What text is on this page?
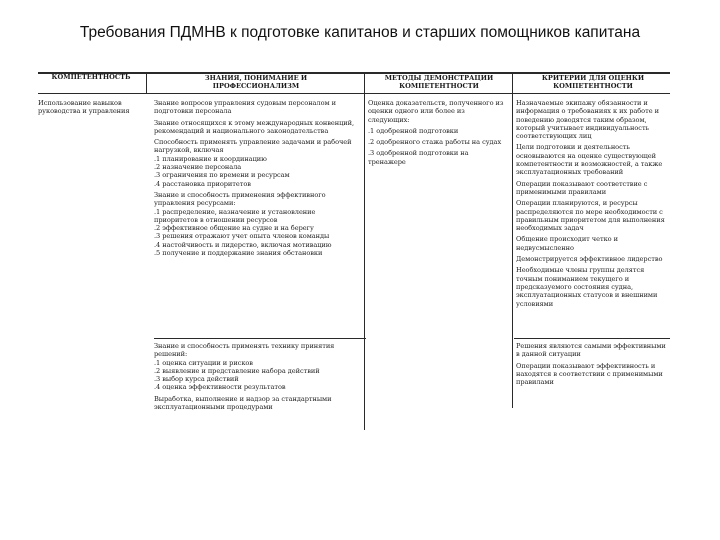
Требования ПДМНВ к подготовке капитанов и старших помощников капитана
КОМПЕТЕНТНОСТЬ	ЗНАНИЯ, ПОНИМАНИЕ И ПРОФЕССИОНАЛИЗМ
МЕТОДЫ ДЕМОНСТРАЦИИ КОМПЕТЕНТНОСТИ
КРИТЕРИИ ДЛЯ ОЦЕНКИ КОМПЕТЕНТНОСТИ
Использование навыков руководства и управления
Знание вопросов управления судовым персоналом и подготовки персонала
Знание относящихся к этому международных конвенций, рекомендаций и национального законодательства
Способность применять управление задачами и рабочей нагрузкой, включая
.1 планирование и координацию
.2 назначение персонала
.3 ограничения по времени и ресурсам
.4 расстановка приоритетов
Знание и способность применения эффективного управления ресурсами:
.1 распределение, назначение и установление приоритетов в отношении ресурсов
.2 эффективное общение на судне и на берегу
.3 решения отражают учет опыта членов команды
.4 настойчивость и лидерство, включая мотивацию
.5 получение и поддержание знания обстановки
Оценка доказательств, полученного из оценки одного или более из следующих:
.1 одобренной подготовки
.2 одобренного стажа работы на судах
.3 одобренной подготовки на тренажере
Назначаемые экипажу обязанности и информация о требованиях к их работе и поведению доводятся таким образом, который учитывает индивидуальность соответствующих лиц
Цели подготовки и деятельность основываются на оценке существующей компетентности и возможностей, а также эксплуатационных требований
Операции показывают соответствие с применимыми правилами
Операции планируются, и ресурсы распределяются по мере необходимости с правильным приоритетом для выполнения необходимых задач
Общение происходит четко и недвусмысленно
Демонстрируется эффективное лидерство
Необходимые члены группы делятся точным пониманием текущего и предсказуемого состояния судна, эксплуатационных статусов и внешними условиями
Знание и способность применять технику принятия решений:
.1 оценка ситуации и рисков
.2 выявление и представление набора действий
.3 выбор курса действий
.4 оценка эффективности результатов
Выработка, выполнение и надзор за стандартными эксплуатационными процедурами
Решения являются самыми эффективными в данной ситуации
Операции показывают эффективность и находятся в соответствии с применимыми правилами
